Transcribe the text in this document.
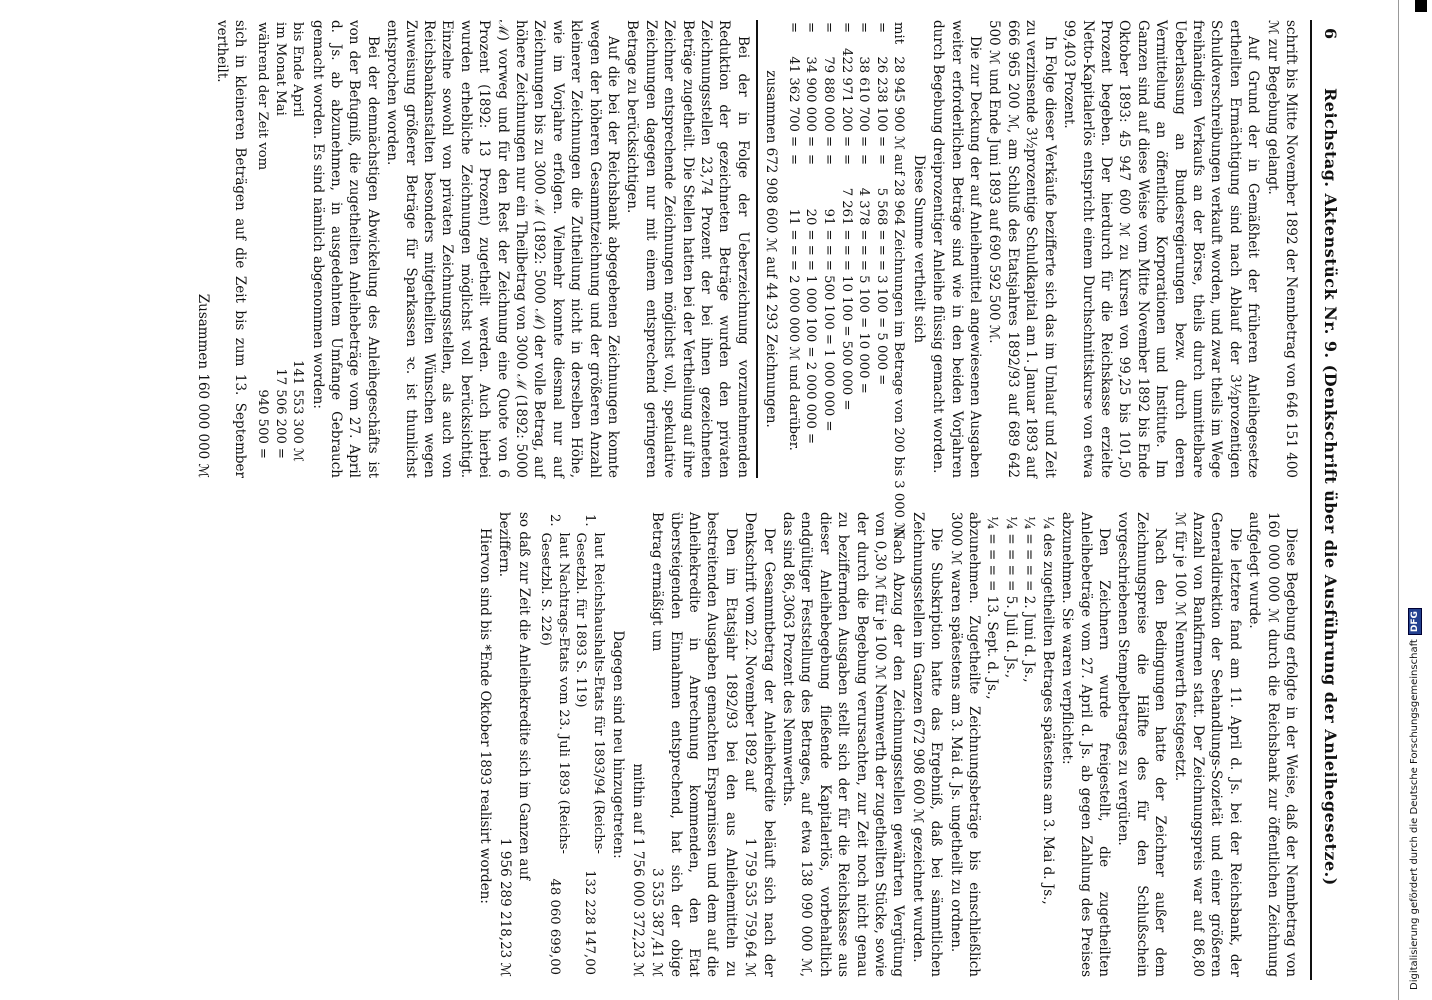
6
Reichstag. Aktenstück Nr. 9. (Denkschrift über die Ausführung der Anleihegesetze.)

schrift bis Mitte November 1892 der Nennbetrag von 646 151 400 ℳ zur Begebung gelangt.

Auf Grund der in Gemäßheit der früheren Anleihegesetze ertheilten Ermächtigung sind nach Ablauf der 3½prozentigen Schuldverschreibungen verkauft worden, und zwar theils im Wege freihändigen Verkaufs an der Börse, theils durch unmittelbare Ueberlassung an Bundesregierungen bezw. durch deren Vermittelung an öffentliche Korporationen und Institute. Im Ganzen sind auf diese Weise vom Mitte November 1892 bis Ende Oktober 1893: 45 947 600 ℳ zu Kursen von 99,25 bis 101,50 Prozent begeben. Der hierdurch für die Reichskasse erzielte Netto-Kapitalerlös entspricht einem Durchschnittskurse von etwa 99,403 Prozent.

In Folge dieser Verkäufe bezifferte sich das im Umlauf und Zeit zu verzinsende 3½prozentige Schuldkapital am 1. Januar 1893 auf 666 965 200 ℳ, am Schluß des Etatsjahres 1892/93 auf 689 642 500 ℳ und Ende Juni 1893 auf 690 592 500 ℳ.

Die zur Deckung der auf Anleihemittel angewiesenen Ausgaben weiter erforderlichen Beträge sind wie in den beiden Vorjahren durch Begebung dreiprozentiger Anleihe flüssig gemacht worden.

Diese Summe vertheilt sich

mit	28 945 900	ℳ	auf	28 964	Zeichnungen im Betrage von 200 bis 3 000 ℳ
=	26 238 100	=	=	5 568	= = = 3 100 = 5 000 =
=	38 610 700	=	=	4 378	= = = 5 100 = 10 000 =
=	422 971 200	=	=	7 261	= = = 10 100 = 500 000 =
=	79 880 000	=	=	91	= = = 500 100 = 1 000 000 =
=	34 900 000	=	=	20	= = = 1 000 100 = 2 000 000 =
=	41 362 700	=	=	11	= = = 2 000 000 ℳ und darüber.

zusammen 672 908 600 ℳ auf 44 293 Zeichnungen.

Bei der in Folge der Ueberzeichnung vorzunehmenden Reduktion der gezeichneten Beträge wurden den privaten Zeichnungsstellen 23,74 Prozent der bei ihnen gezeichneten Beträge zugetheilt. Die Stellen hatten bei der Vertheilung auf ihre Zeichner entsprechende Zeichnungen möglichst voll, spekulative Zeichnungen dagegen nur mit einem entsprechend geringeren Betrage zu berücksichtigen.

Auf die bei der Reichsbank abgegebenen Zeichnungen konnte wegen der höheren Gesammtzeichnung und der größeren Anzahl kleinerer Zeichnungen die Zutheilung nicht in derselben Höhe, wie im Vorjahre erfolgen. Vielmehr konnte diesmal nur auf Zeichnungen bis zu 3000 ℳ (1892: 5000 ℳ) der volle Betrag, auf höhere Zeichnungen nur ein Theilbetrag von 3000 ℳ (1892: 5000 ℳ) vorweg und für den Rest der Zeichnung eine Quote von 6 Prozent (1892: 13 Prozent) zugetheilt werden. Auch hierbei wurden erhebliche Zeichnungen möglichst voll berücksichtigt. Einzelne sowohl von privaten Zeichnungsstellen, als auch von Reichsbankanstalten besonders mitgetheilten Wünschen wegen Zuweisung größerer Beträge für Sparkassen ꝛc. ist thunlichst entsprochen worden.

Bei der demnächstigen Abwickelung des Anleihegeschäfts ist von der Befugniß, die zugetheilten Anleihebeträge vom 27. April d. Js. ab abzunehmen, in ausgedehntem Umfange Gebrauch gemacht worden. Es sind nämlich abgenommen worden:

bis Ende April	141 553 300	ℳ
im Monat Mai	17 506 200	=
während der Zeit vom	940 500	=

sich in kleineren Beträgen auf die Zeit bis zum 13. September vertheilt.

Zusammen 160 000 000 ℳ

Diese Begebung erfolgte in der Weise, daß der Nennbetrag von 160 000 000 ℳ durch die Reichsbank zur öffentlichen Zeichnung aufgelegt wurde.

Die letztere fand am 11. April d. Js. bei der Reichsbank, der Generaldirektion der Seehandlungs-Sozietät und einer größeren Anzahl von Bankfirmen statt. Der Zeichnungspreis war auf 86,80 ℳ für je 100 ℳ Nennwerth festgesetzt.

Nach den Bedingungen hatte der Zeichner außer dem Zeichnungspreise die Hälfte des für den Schlußschein vorgeschriebenen Stempelbetrages zu vergüten.

Den Zeichnern wurde freigestellt, die zugetheilten Anleihebeträge vom 27. April d. Js. ab gegen Zahlung des Preises abzunehmen. Sie waren verpflichtet:

¼ des zugetheilten Betrages spätestens am 3. Mai d. Js.,
¼ = = = = 2. Juni d. Js.,
¼ = = = = 5. Juli d. Js.,
¼ = = = = 13. Sept. d. Js.,

abzunehmen. Zugetheilte Zeichnungsbeträge bis einschließlich 3000 ℳ waren spätestens am 3. Mai d. Js. ungetheilt zu ordnen.

Die Subskription hatte das Ergebniß, daß bei sämmtlichen Zeichnungsstellen im Ganzen 672 908 600 ℳ gezeichnet wurden.

Nach Abzug der den Zeichnungsstellen gewährten Vergütung von 0,30 ℳ für je 100 ℳ Nennwerth der zugetheilten Stücke, sowie der durch die Begebung verursachten, zur Zeit noch nicht genau zu beziffernden Ausgaben stellt sich der für die Reichskasse aus dieser Anleihebegebung fließende Kapitalerlös, vorbehaltlich endgültiger Feststellung des Betrages, auf etwa 138 090 000 ℳ, das sind 86,3063 Prozent des Nennwerths.

Der Gesammtbetrag der Anleihekredite beläuft sich nach der Denkschrift vom 22. November 1892 auf
1 759 535 759,64 ℳ

Den im Etatsjahr 1892/93 bei den aus Anleihemitteln zu bestreitenden Ausgaben gemachten Ersparnissen und dem auf die Anleihekredite in Anrechnung kommenden, den Etat übersteigenden Einnahmen entsprechend, hat sich der obige Betrag ermäßigt um
3 535 387,41 ℳ

mithin auf 1 756 000 372,23 ℳ

Dagegen sind neu hinzugetreten:

1.	laut Reichshaushalts-Etats für 1893/94 (Reichs-Gesetzbl. für 1893 S. 119)	132 228 147,00
2.	laut Nachtrags-Etats vom 23. Juli 1893 (Reichs-Gesetzbl. S. 226)	48 060 699,00

so daß zur Zeit die Anleihekredite sich im Ganzen auf
1 956 289 218,23 ℳ

beziffern.

Hiervon sind bis *Ende Oktober 1893 realisirt worden:	Digitalisierung gefördert durch die Deutsche ForschungsgemeinschaftDFG
